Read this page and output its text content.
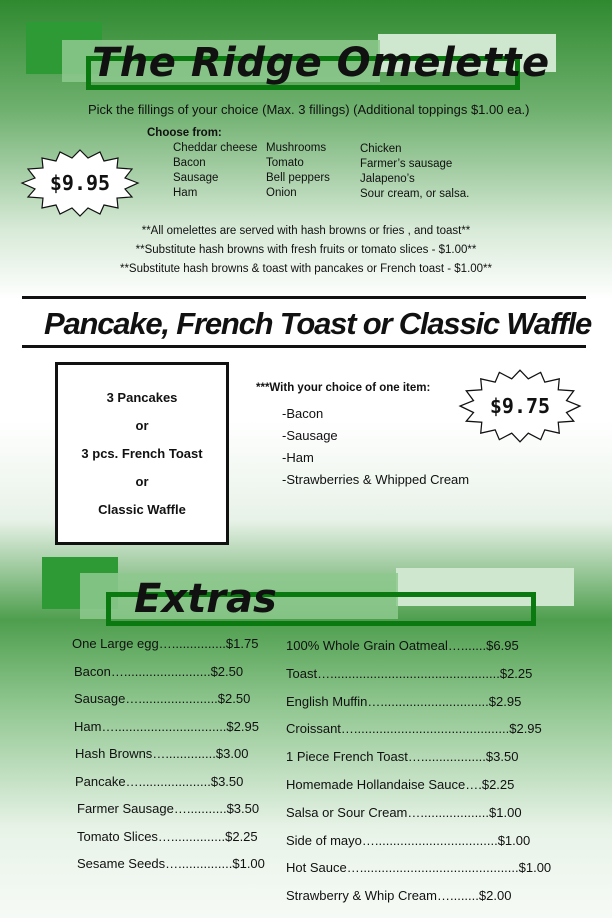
The Ridge Omelette
Pick the fillings of your choice (Max. 3 fillings) (Additional toppings $1.00 ea.)
Choose from:
Cheddar cheese
Bacon
Sausage
Ham
Mushrooms
Tomato
Bell peppers
Onion
Chicken
Farmer’s sausage
Jalapeno’s
Sour cream, or salsa.
$9.95
**All omelettes are served with hash browns or fries , and toast**
**Substitute hash browns with fresh fruits or tomato slices - $1.00**
**Substitute hash browns & toast with pancakes or French toast - $1.00**
Pancake, French Toast or Classic Waffle
3 Pancakes
or
3 pcs. French Toast
or
Classic Waffle
***With your choice of one item:
-Bacon
-Sausage
-Ham
-Strawberries & Whipped Cream
$9.75
Extras
One Large egg …............... $1.75
Bacon …........................ $2.50
Sausage …...................... $2.50
Ham …............................... $2.95
Hash Browns ….............. $3.00
Pancake ….................... $3.50
Farmer Sausage …........... $3.50
Tomato Slices …............... $2.25
Sesame Seeds …............... $1.00
100% Whole Grain Oatmeal …....... $6.95
Toast …............................................... $2.25
English Muffin ….............................. $2.95
Croissant …........................................... $2.95
1 Piece French Toast ….................. $3.50
Homemade Hollandaise Sauce …. $2.25
Salsa or Sour Cream …................... $1.00
Side of mayo ….................................. $1.00
Hot Sauce …............................................ $1.00
Strawberry & Whip Cream …........ $2.00
